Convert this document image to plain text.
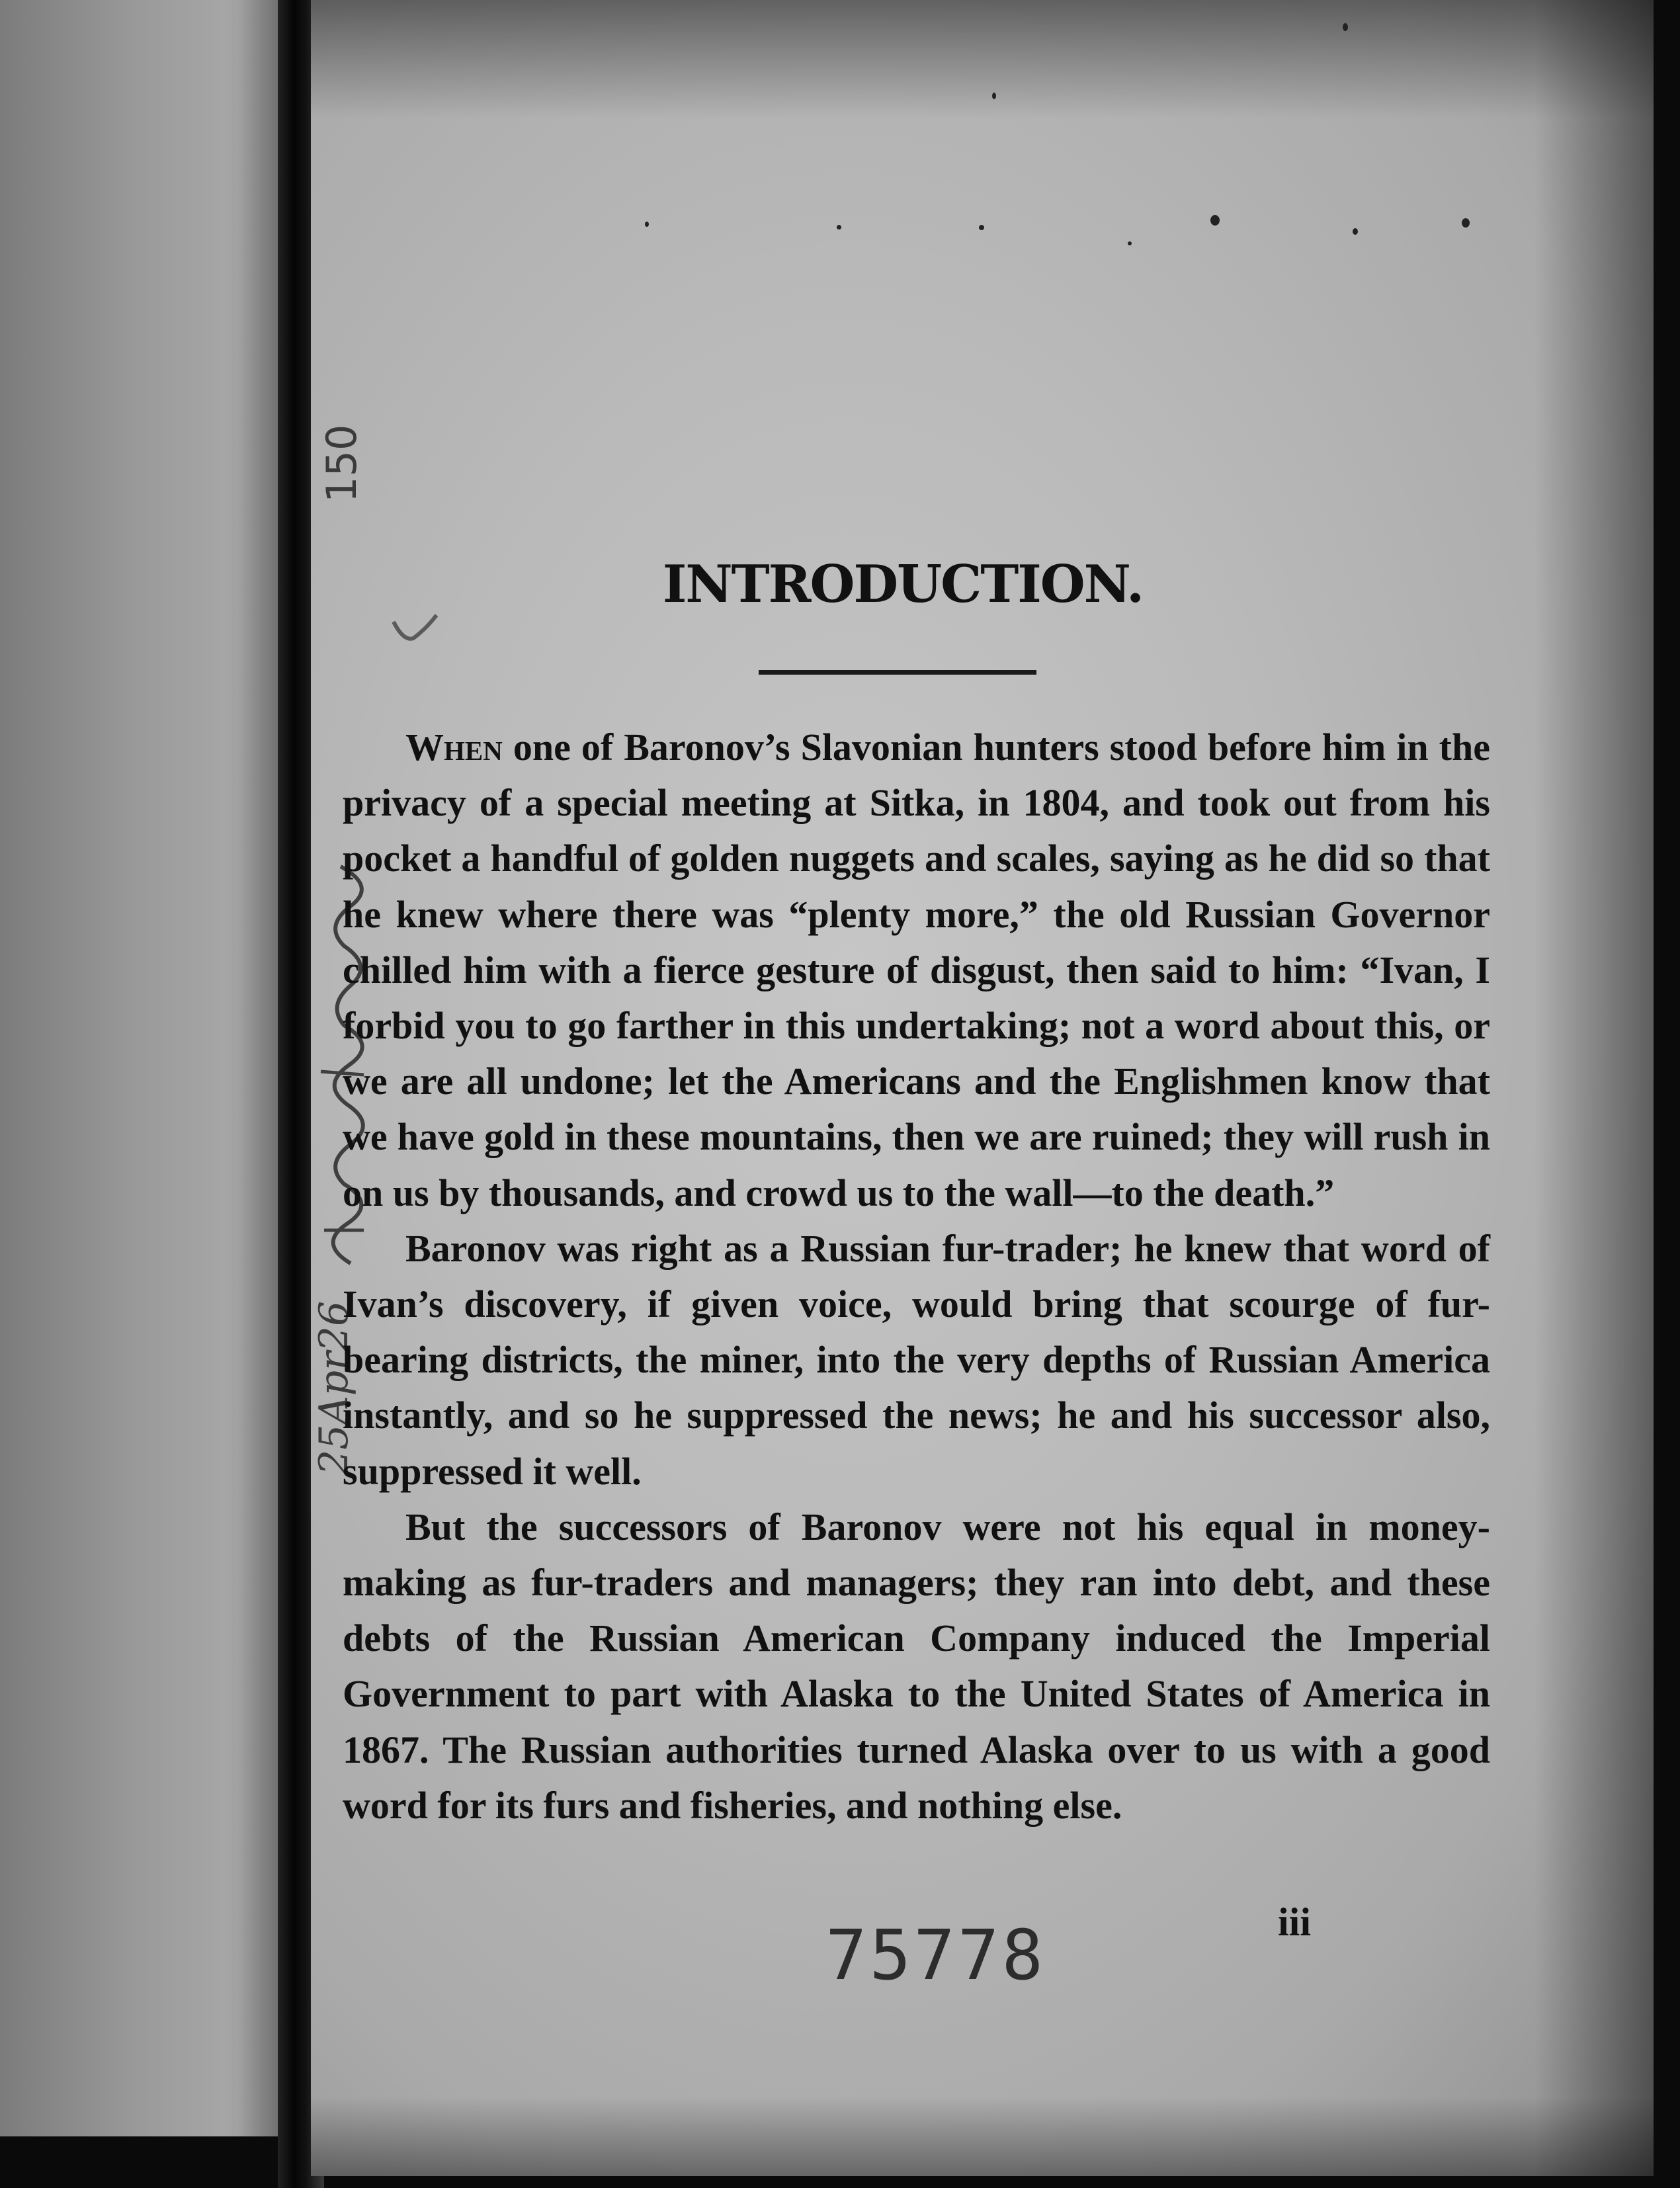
150
25Apr26
INTRODUCTION.

When one of Baronov’s Slavonian hunters stood before him in the privacy of a special meeting at Sitka, in 1804, and took out from his pocket a handful of golden nuggets and scales, saying as he did so that he knew where there was “plenty more,” the old Russian Governor chilled him with a fierce gesture of disgust, then said to him: “Ivan, I forbid you to go farther in this undertaking; not a word about this, or we are all undone; let the Americans and the Englishmen know that we have gold in these mountains, then we are ruined; they will rush in on us by thousands, and crowd us to the wall—to the death.”

Baronov was right as a Russian fur-trader; he knew that word of Ivan’s discovery, if given voice, would bring that scourge of fur-bearing districts, the miner, into the very depths of Russian America instantly, and so he suppressed the news; he and his successor also, suppressed it well.

But the successors of Baronov were not his equal in money-making as fur-traders and managers; they ran into debt, and these debts of the Russian American Company induced the Imperial Government to part with Alaska to the United States of America in 1867. The Russian authorities turned Alaska over to us with a good word for its furs and fisheries, and nothing else.

75778	iii
